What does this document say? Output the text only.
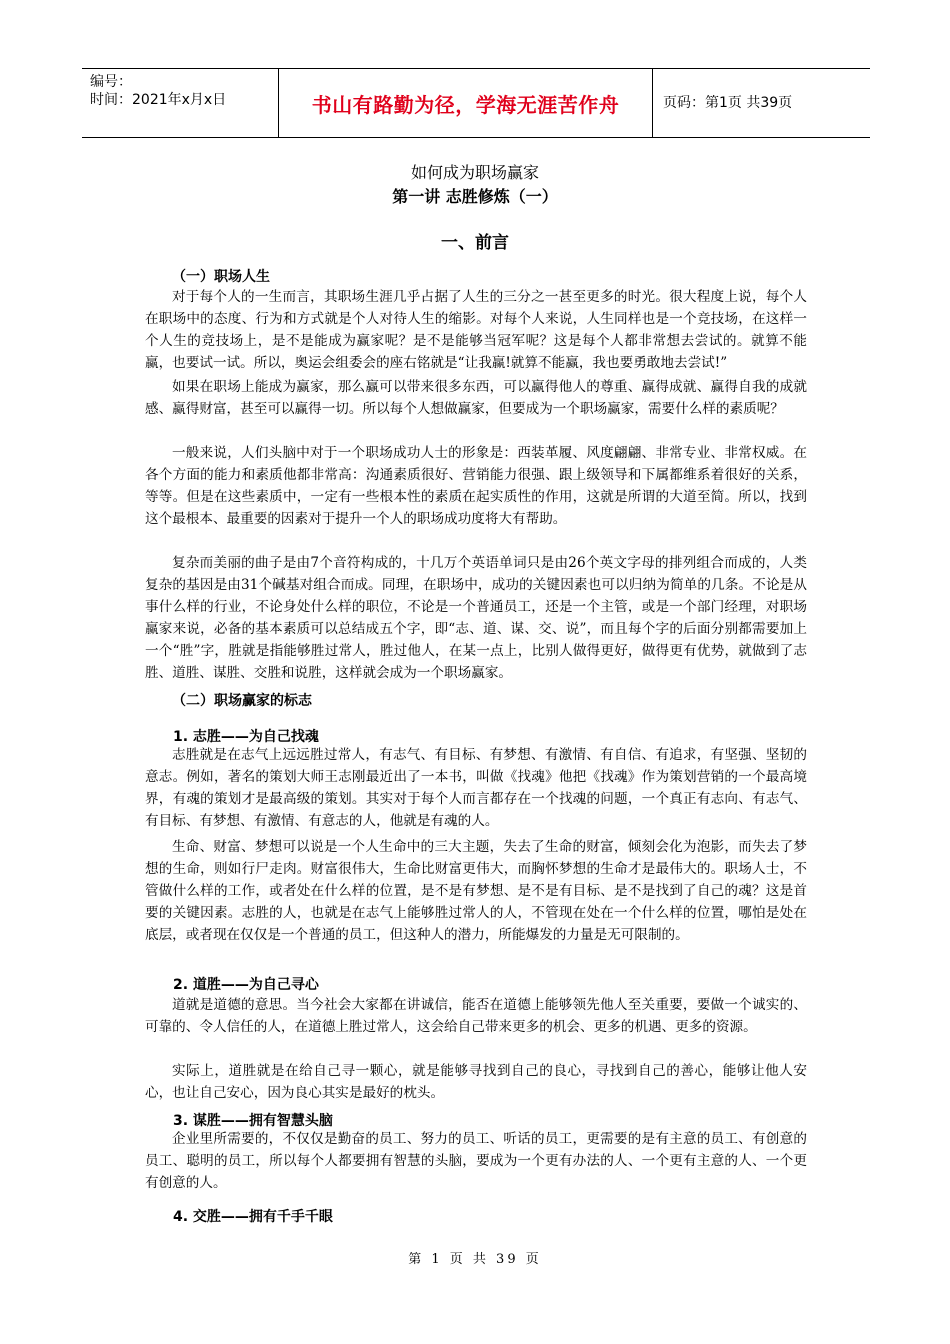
编号：
时间：2021年x月x日	书山有路勤为径，学海无涯苦作舟	页码：第1页 共39页
如何成为职场赢家
第一讲 志胜修炼（一）
一、前言
（一）职场人生
对于每个人的一生而言，其职场生涯几乎占据了人生的三分之一甚至更多的时光。很大程度上说，每个人在职场中的态度、行为和方式就是个人对待人生的缩影。对每个人来说，人生同样也是一个竞技场，在这样一个人生的竞技场上，是不是能成为赢家呢？是不是能够当冠军呢？这是每个人都非常想去尝试的。就算不能赢，也要试一试。所以，奥运会组委会的座右铭就是“让我赢!就算不能赢，我也要勇敢地去尝试!”
如果在职场上能成为赢家，那么赢可以带来很多东西，可以赢得他人的尊重、赢得成就、赢得自我的成就感、赢得财富，甚至可以赢得一切。所以每个人想做赢家，但要成为一个职场赢家，需要什么样的素质呢？
一般来说，人们头脑中对于一个职场成功人士的形象是：西装革履、风度翩翩、非常专业、非常权威。在各个方面的能力和素质他都非常高：沟通素质很好、营销能力很强、跟上级领导和下属都维系着很好的关系，等等。但是在这些素质中，一定有一些根本性的素质在起实质性的作用，这就是所谓的大道至简。所以，找到这个最根本、最重要的因素对于提升一个人的职场成功度将大有帮助。
复杂而美丽的曲子是由7个音符构成的，十几万个英语单词只是由26个英文字母的排列组合而成的，人类复杂的基因是由31个碱基对组合而成。同理，在职场中，成功的关键因素也可以归纳为简单的几条。不论是从事什么样的行业，不论身处什么样的职位，不论是一个普通员工，还是一个主管，或是一个部门经理，对职场赢家来说，必备的基本素质可以总结成五个字，即“志、道、谋、交、说”，而且每个字的后面分别都需要加上一个“胜”字，胜就是指能够胜过常人，胜过他人，在某一点上，比别人做得更好，做得更有优势，就做到了志胜、道胜、谋胜、交胜和说胜，这样就会成为一个职场赢家。
（二）职场赢家的标志
1. 志胜——为自己找魂
志胜就是在志气上远远胜过常人，有志气、有目标、有梦想、有激情、有自信、有追求，有坚强、坚韧的意志。例如，著名的策划大师王志刚最近出了一本书，叫做《找魂》他把《找魂》作为策划营销的一个最高境界，有魂的策划才是最高级的策划。其实对于每个人而言都存在一个找魂的问题，一个真正有志向、有志气、有目标、有梦想、有激情、有意志的人，他就是有魂的人。
生命、财富、梦想可以说是一个人生命中的三大主题，失去了生命的财富，倾刻会化为泡影，而失去了梦想的生命，则如行尸走肉。财富很伟大，生命比财富更伟大，而胸怀梦想的生命才是最伟大的。职场人士，不管做什么样的工作，或者处在什么样的位置，是不是有梦想、是不是有目标、是不是找到了自己的魂？这是首要的关键因素。志胜的人，也就是在志气上能够胜过常人的人，不管现在处在一个什么样的位置，哪怕是处在底层，或者现在仅仅是一个普通的员工，但这种人的潜力，所能爆发的力量是无可限制的。
2. 道胜——为自己寻心
道就是道德的意思。当今社会大家都在讲诚信，能否在道德上能够领先他人至关重要，要做一个诚实的、可靠的、令人信任的人，在道德上胜过常人，这会给自己带来更多的机会、更多的机遇、更多的资源。
实际上，道胜就是在给自己寻一颗心，就是能够寻找到自己的良心，寻找到自己的善心，能够让他人安心，也让自己安心，因为良心其实是最好的枕头。
3. 谋胜——拥有智慧头脑
企业里所需要的，不仅仅是勤奋的员工、努力的员工、听话的员工，更需要的是有主意的员工、有创意的员工、聪明的员工，所以每个人都要拥有智慧的头脑，要成为一个更有办法的人、一个更有主意的人、一个更有创意的人。
4. 交胜——拥有千手千眼
第 1 页 共 39 页
